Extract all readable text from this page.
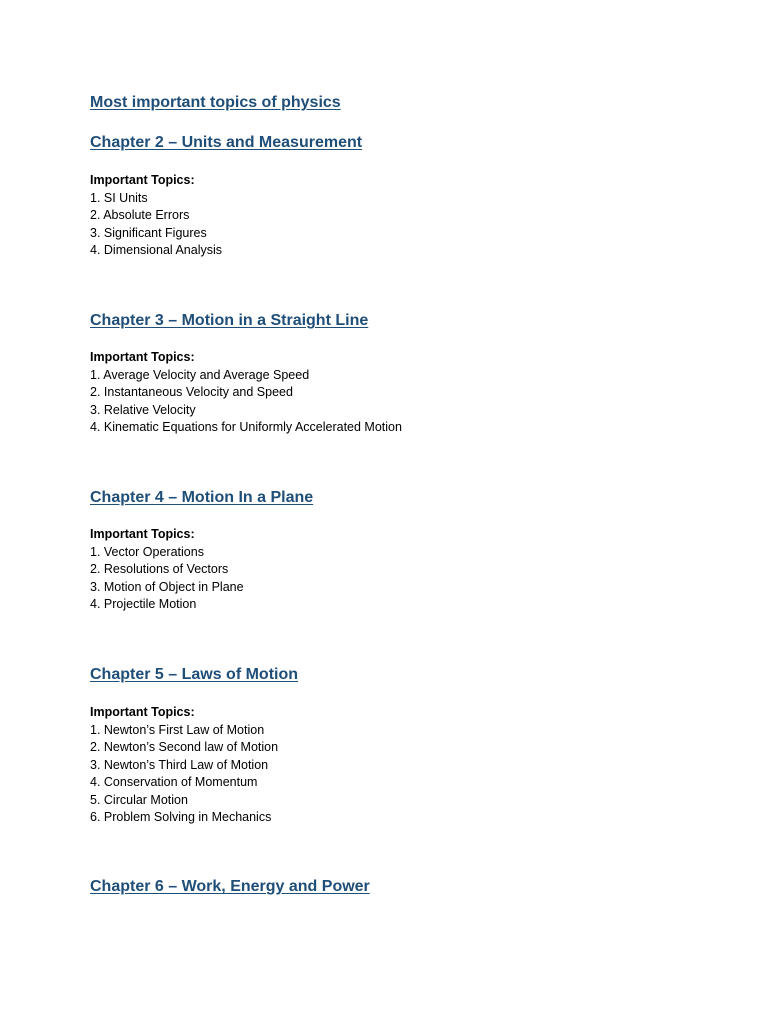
Most important topics of physics
Chapter 2 – Units and Measurement
Important Topics:
1. SI Units
2. Absolute Errors
3. Significant Figures
4. Dimensional Analysis
Chapter 3 – Motion in a Straight Line
Important Topics:
1. Average Velocity and Average Speed
2. Instantaneous Velocity and Speed
3. Relative Velocity
4. Kinematic Equations for Uniformly Accelerated Motion
Chapter 4 – Motion In a Plane
Important Topics:
1. Vector Operations
2. Resolutions of Vectors
3. Motion of Object in Plane
4. Projectile Motion
Chapter 5 – Laws of Motion
Important Topics:
1. Newton’s First Law of Motion
2. Newton’s Second law of Motion
3. Newton’s Third Law of Motion
4. Conservation of Momentum
5. Circular Motion
6. Problem Solving in Mechanics
Chapter 6 – Work, Energy and Power
